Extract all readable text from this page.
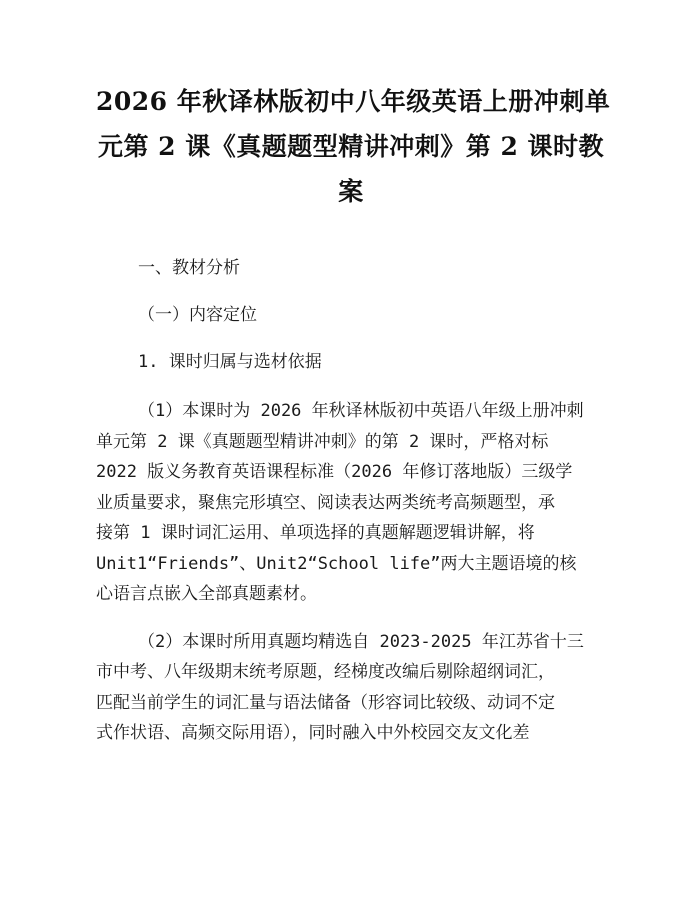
2026 年秋译林版初中八年级英语上册冲刺单
元第 2 课《真题题型精讲冲刺》第 2 课时教
案

一、教材分析

（一）内容定位

1. 课时归属与选材依据

（1）本课时为 2026 年秋译林版初中英语八年级上册冲刺
单元第 2 课《真题题型精讲冲刺》的第 2 课时，严格对标
2022 版义务教育英语课程标准（2026 年修订落地版）三级学
业质量要求，聚焦完形填空、阅读表达两类统考高频题型，承
接第 1 课时词汇运用、单项选择的真题解题逻辑讲解，将
Unit1“Friends”、Unit2“School life”两大主题语境的核
心语言点嵌入全部真题素材。

（2）本课时所用真题均精选自 2023-2025 年江苏省十三
市中考、八年级期末统考原题，经梯度改编后剔除超纲词汇，
匹配当前学生的词汇量与语法储备（形容词比较级、动词不定
式作状语、高频交际用语），同时融入中外校园交友文化差
